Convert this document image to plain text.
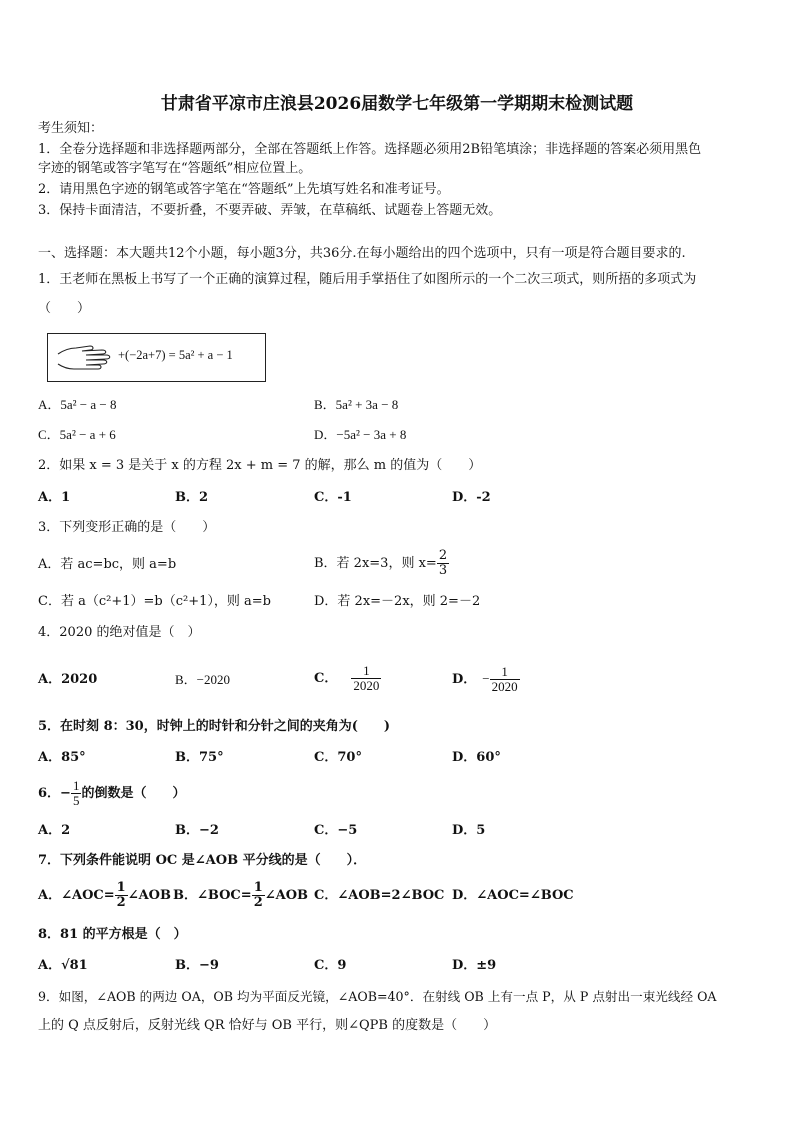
甘肃省平凉市庄浪县2026届数学七年级第一学期期末检测试题
考生须知：
1．全卷分选择题和非选择题两部分，全部在答题纸上作答。选择题必须用2B铅笔填涂；非选择题的答案必须用黑色
字迹的钢笔或答字笔写在“答题纸”相应位置上。
2．请用黑色字迹的钢笔或答字笔在“答题纸”上先填写姓名和准考证号。
3．保持卡面清洁，不要折叠，不要弄破、弄皱，在草稿纸、试题卷上答题无效。
一、选择题：本大题共12个小题，每小题3分，共36分.在每小题给出的四个选项中，只有一项是符合题目要求的.
1．王老师在黑板上书写了一个正确的演算过程，随后用手掌捂住了如图所示的一个二次三项式，则所捂的多项式为
（　　）
+(−2a+7) = 5a² + a − 1
A．5a² − a − 8	B．5a² + 3a − 8
C．5a² − a + 6	D．−5a² − 3a + 8
2．如果 x = 3 是关于 x 的方程 2x + m = 7 的解，那么 m 的值为（　　）
A．1	B．2	C．-1	D．-2
3．下列变形正确的是（　　）
A．若 ac=bc，则 a=b	B．若 2x=3，则 $x= \frac{2}{3}$
C．若 a（c²+1）=b（c²+1），则 a=b	D．若 2x=－2x，则 2=－2
4．2020 的绝对值是（　）
A．2020	B．−2020	C． $\frac{1}{2020}$	D． − $\frac{1}{2020}$
5．在时刻 8：30，时钟上的时针和分针之间的夹角为(　　)
A．85°	B．75°	C．70°	D．60°
6．− $\frac{1}{5}$ 的倒数是（　　）
A．2	B．−2	C．−5	D．5
7．下列条件能说明 OC 是∠AOB 平分线的是（　　）．
A．∠AOC= $\frac{1}{2}$ ∠AOB B．∠BOC= $\frac{1}{2}$ ∠AOB C．∠AOB=2∠BOC D．∠AOC=∠BOC
8．81 的平方根是（　）
A．√81	B．−9	C．9	D．±9
9．如图，∠AOB 的两边 OA，OB 均为平面反光镜，∠AOB=40°．在射线 OB 上有一点 P，从 P 点射出一束光线经 OA
上的 Q 点反射后，反射光线 QR 恰好与 OB 平行，则∠QPB 的度数是（　　）
